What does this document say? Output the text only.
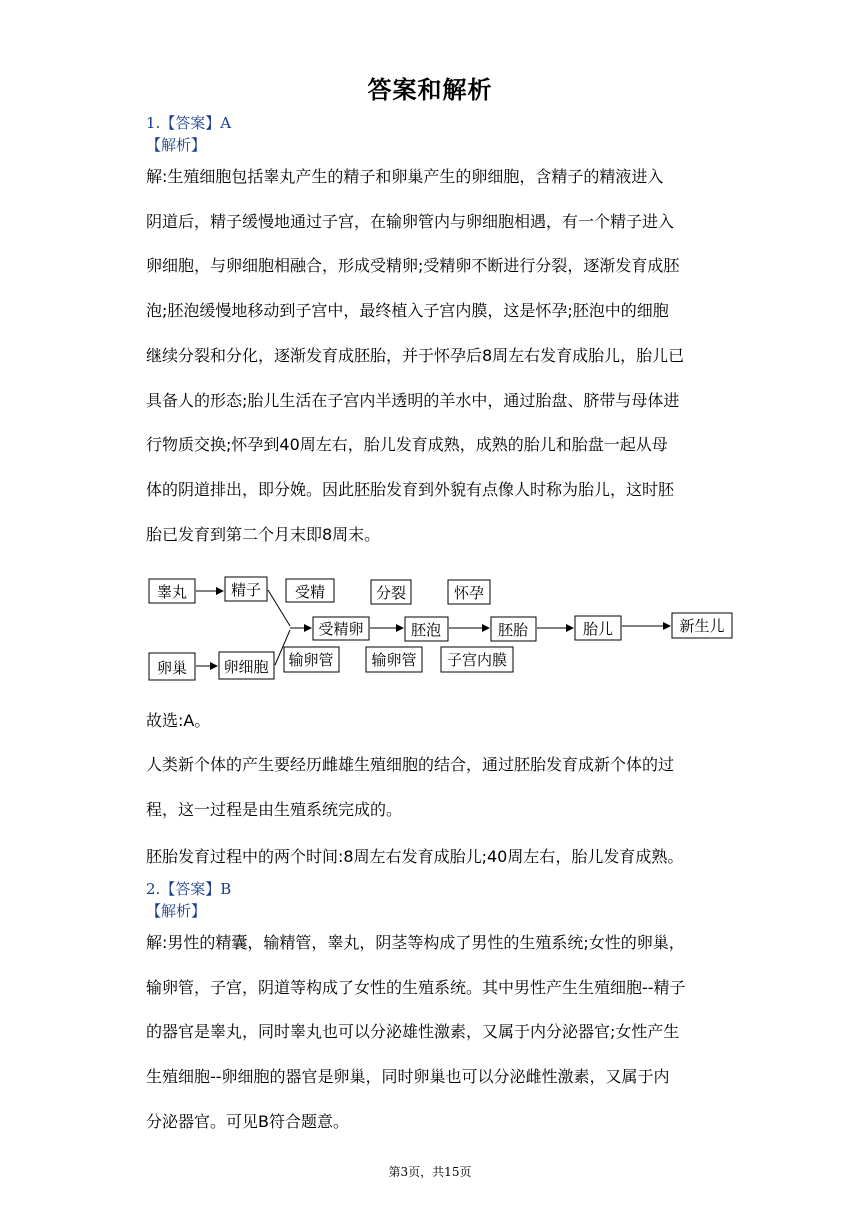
答案和解析
1.【答案】A
【解析】
解:生殖细胞包括睾丸产生的精子和卵巢产生的卵细胞，含精子的精液进入
阴道后，精子缓慢地通过子宫，在输卵管内与卵细胞相遇，有一个精子进入
卵细胞，与卵细胞相融合，形成受精卵;受精卵不断进行分裂，逐渐发育成胚
泡;胚泡缓慢地移动到子宫中，最终植入子宫内膜，这是怀孕;胚泡中的细胞
继续分裂和分化，逐渐发育成胚胎，并于怀孕后8周左右发育成胎儿，胎儿已
具备人的形态;胎儿生活在子宫内半透明的羊水中，通过胎盘、脐带与母体进
行物质交换;怀孕到40周左右，胎儿发育成熟，成熟的胎儿和胎盘一起从母
体的阴道排出，即分娩。因此胚胎发育到外貌有点像人时称为胎儿，这时胚
胎已发育到第二个月末即8周末。
睾丸	精子
卵巢 卵细胞
受精
受精卵
输卵管
分裂
胚泡
输卵管
怀孕
胚胎
子宫内膜
胎儿	新生儿
故选:A。
人类新个体的产生要经历雌雄生殖细胞的结合，通过胚胎发育成新个体的过
程，这一过程是由生殖系统完成的。
胚胎发育过程中的两个时间:8周左右发育成胎儿;40周左右，胎儿发育成熟。
2.【答案】B
【解析】
解:男性的精囊，输精管，睾丸，阴茎等构成了男性的生殖系统;女性的卵巢，
输卵管，子宫，阴道等构成了女性的生殖系统。其中男性产生生殖细胞--精子
的器官是睾丸，同时睾丸也可以分泌雄性激素，又属于内分泌器官;女性产生
生殖细胞--卵细胞的器官是卵巢，同时卵巢也可以分泌雌性激素，又属于内
分泌器官。可见B符合题意。
第3页，共15页
